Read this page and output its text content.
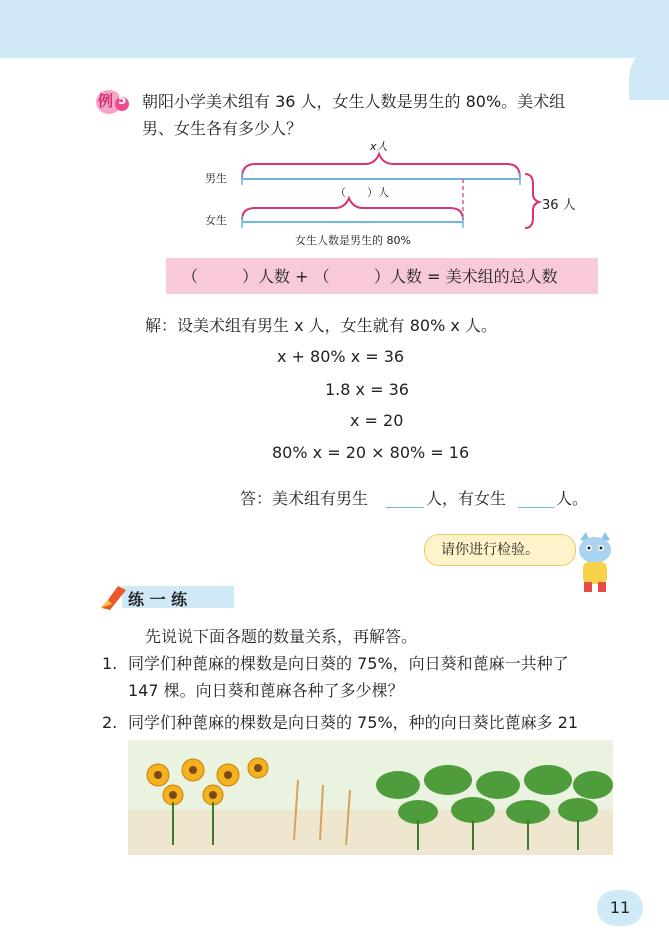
例 5 朝阳小学美术组有 36 人，女生人数是男生的 80%。美术组
男、女生各有多少人？
x人
男生
女生
（ ）人
36 人
女生人数是男生的 80%
（	）人数 + （	）人数 = 美术组的总人数
解：设美术组有男生 x 人，女生就有 80% x 人。
x + 80% x = 36
1.8 x = 36
x = 20
80% x = 20 × 80% = 16
答：美术组有男生	人，有女生	人。
请你进行检验。
练 一 练
先说说下面各题的数量关系，再解答。
1. 同学们种蓖麻的棵数是向日葵的 75%，向日葵和蓖麻一共种了
147 棵。向日葵和蓖麻各种了多少棵？
2. 同学们种蓖麻的棵数是向日葵的 75%，种的向日葵比蓖麻多 21
11
